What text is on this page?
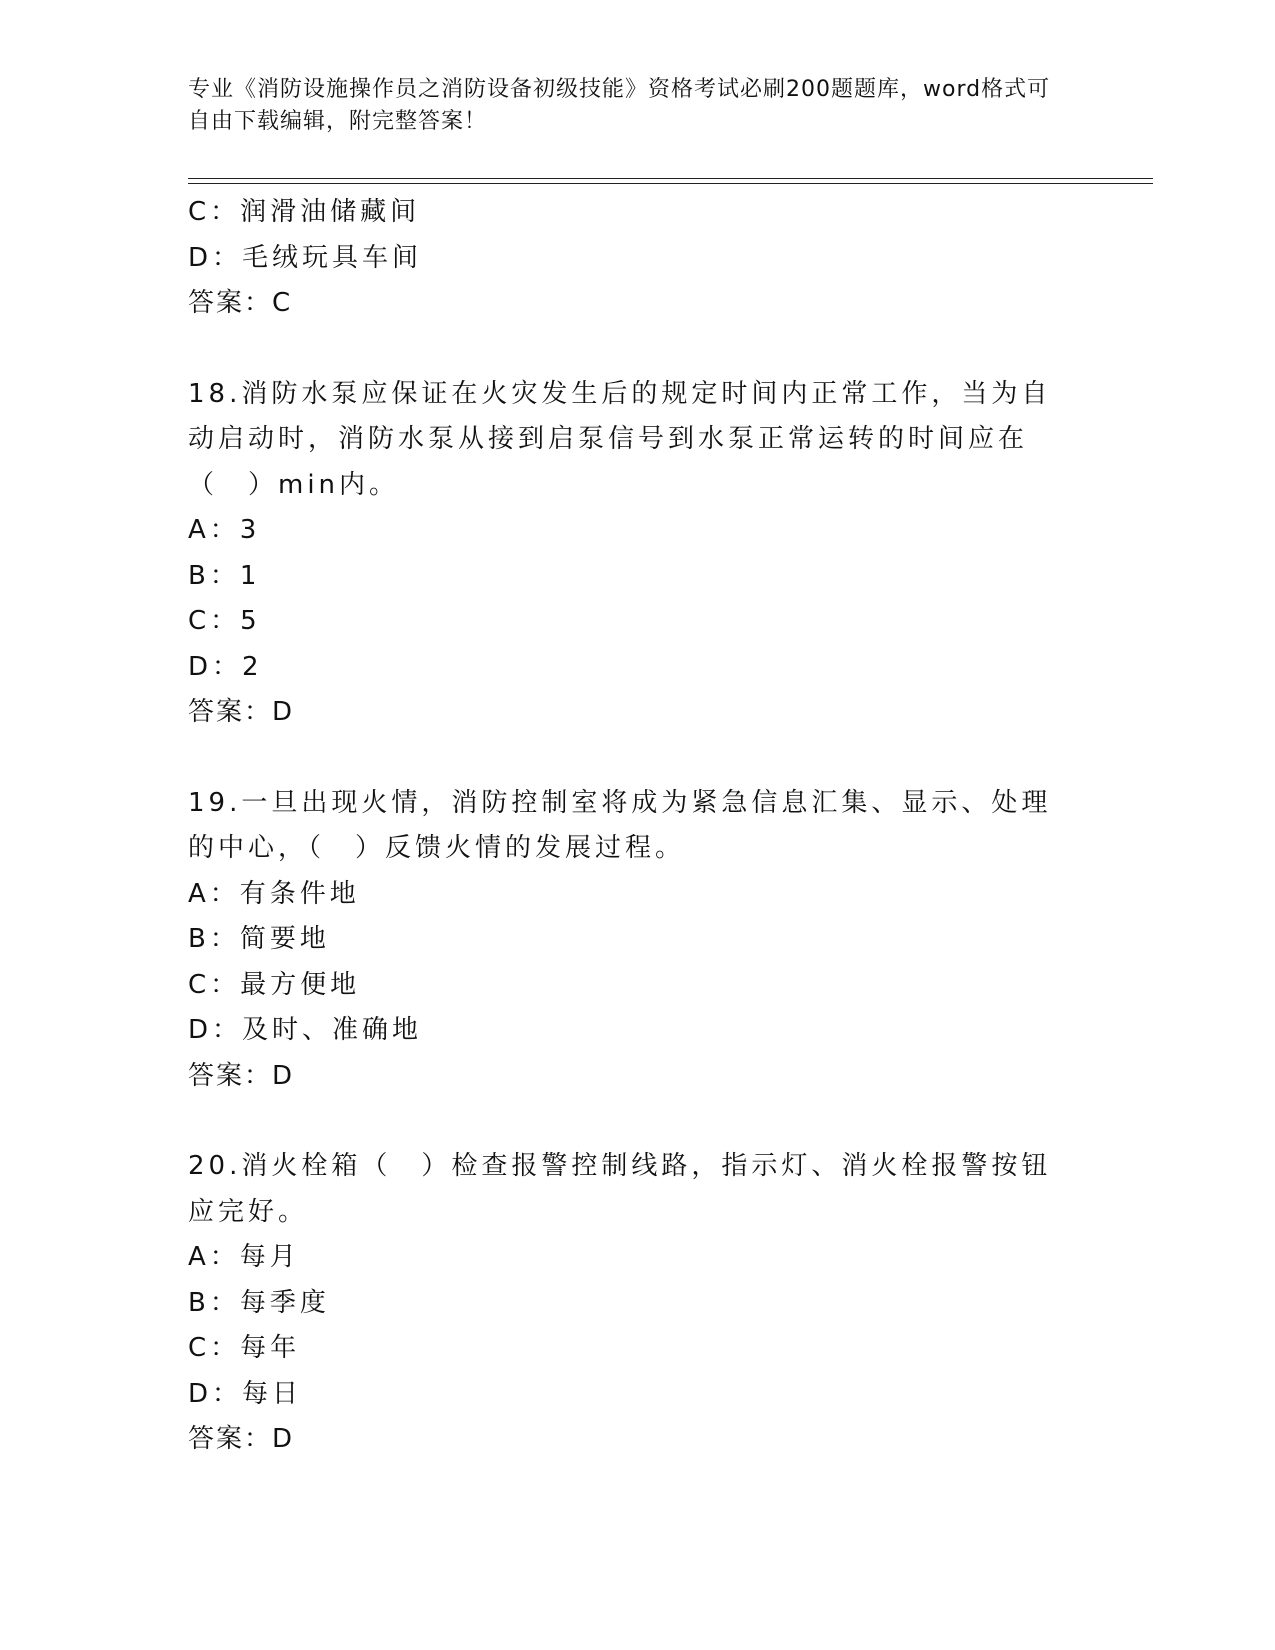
专业《消防设施操作员之消防设备初级技能》资格考试必刷200题题库，word格式可自由下载编辑，附完整答案！
C：润滑油储藏间
D：毛绒玩具车间
答案：C
18.消防水泵应保证在火灾发生后的规定时间内正常工作，当为自动启动时，消防水泵从接到启泵信号到水泵正常运转的时间应在（　）min内。
A：3
B：1
C：5
D：2
答案：D
19.一旦出现火情，消防控制室将成为紧急信息汇集、显示、处理的中心，（　）反馈火情的发展过程。
A：有条件地
B：简要地
C：最方便地
D：及时、准确地
答案：D
20.消火栓箱（　）检查报警控制线路，指示灯、消火栓报警按钮应完好。
A：每月
B：每季度
C：每年
D：每日
答案：D
